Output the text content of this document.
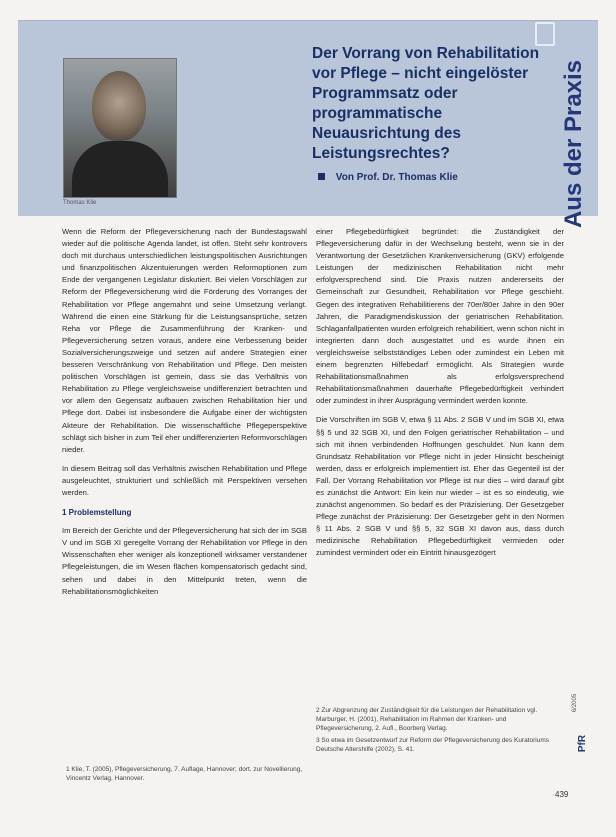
Thomas Klie
Der Vorrang von Rehabilitation vor Pflege – nicht eingelöster Programmsatz oder programmatische Neuausrichtung des Leistungsrechtes?
Von Prof. Dr. Thomas Klie	Aus der Praxis

Wenn die Reform der Pflegeversicherung nach der Bundestagswahl wieder auf die politische Agenda landet, ist offen. Steht sehr kontrovers doch mit durchaus unterschiedlichen leistungspolitischen Ausrichtungen und finanzpolitischen Akzentuierungen werden Reformoptionen zum Ende der vergangenen Legislatur diskutiert. Bei vielen Vorschlägen zur Reform der Pflegeversicherung wird die Förderung des Vorranges der Rehabilitation vor Pflege angemahnt und seine Umsetzung verlangt. Während die einen eine Stärkung für die Leistungsansprüche, setzen Reha vor Pflege die Zusammenführung der Kranken- und Pflegeversicherung setzen voraus, andere eine Verbesserung beider Sozialversicherungszweige und setzen auf andere Strategien einer besseren Verschränkung von Rehabilitation und Pflege. Den meisten politischen Vorschlägen ist gemein, dass sie das Verhältnis von Rehabilitation zu Pflege vergleichsweise undifferenziert betrachten und vor allem den Gegensatz aufbauen zwischen Rehabilitation hier und Pflege dort. Dabei ist insbesondere die Aufgabe einer der wichtigsten Akteure der Rehabilitation. Die wissenschaftliche Pflegeperspektive schlägt sich bisher in zum Teil eher undifferenzierten Reformvorschlägen nieder.

In diesem Beitrag soll das Verhältnis zwischen Rehabilitation und Pflege ausgeleuchtet, strukturiert und schließlich mit Perspektiven versehen werden.

1 Problemstellung

Im Bereich der Gerichte und der Pflegeversicherung hat sich der im SGB V und im SGB XI geregelte Vorrang der Rehabilitation vor Pflege in den Wissenschaften eher weniger als konzeptionell wirksamer verstandener Pflegeleistungen, die im Wesen flächen kompensatorisch gedacht sind, sehen und dabei in den Mittelpunkt treten, wenn die Rehabilitationsmöglichkeiten

einer Pflegebedürftigkeit begründet: die Zuständigkeit der Pflegeversicherung dafür in der Wechselung besteht, wenn sie in der Verantwortung der Gesetzlichen Krankenversicherung (GKV) erfolgende Leistungen der medizinischen Rehabilitation nicht mehr erfolgversprechend sind. Die Praxis nutzen andererseits der Gemeinschaft zur Gesundheit, Rehabilitation vor Pflege geschieht. Gegen des integrativen Rehabilitierens der 70er/80er Jahre in den 90er Jahren, die Paradigmendiskussion der geriatrischen Rehabilitation. Schlaganfallpatienten wurden erfolgreich rehabilitiert, wenn schon nicht in integrierten dann doch ausgestattet und es wurde ihnen ein vergleichsweise selbstständiges Leben oder zumindest ein Leben mit einem begrenzten Hilfebedarf ermöglicht. Als Strategien wurde Rehabilitationsmaßnahmen als erfolgsversprechend Rehabilitationsmaßnahmen dauerhafte Pflegebedürftigkeit verhindert oder zumindest in ihrer Ausprägung vermindert werden konnte.

Die Vorschriften im SGB V, etwa § 11 Abs. 2 SGB V und im SGB XI, etwa §§ 5 und 32 SGB XI, und den Folgen geriatrischer Rehabilitation – und sich mit ihnen verbindenden Hoffnungen geschuldet. Nun kann dem Grundsatz Rehabilitation vor Pflege nicht in jeder Hinsicht bescheinigt werden, dass er erfolgreich implementiert ist. Eher das Gegenteil ist der Fall. Der Vorrang Rehabilitation vor Pflege ist nur dies – wird darauf gibt es zunächst die Antwort: Ein kein nur wieder – ist es so eindeutig, wie zunächst angenommen. So bedarf es der Präzisierung. Der Gesetzgeber Pflege zunächst der Präzisierung: Der Gesetzgeber geht in den Normen § 11 Abs. 2 SGB V und §§ 5, 32 SGB XI davon aus, dass durch medizinische Rehabilitation Pflegebedürftigkeit vermieden oder zumindest vermindert oder ein Eintritt hinausgezögert

2 Zur Abgrenzung der Zuständigkeit für die Leistungen der Rehabilitation vgl. Marburger, H. (2001), Rehabilitation im Rahmen der Kranken- und Pflegeversicherung, 2. Aufl., Boorberg Verlag.

3 So etwa im Gesetzentwurf zur Reform der Pflegeversicherung des Kuratoriums Deutsche Altershilfe (2002), S. 41.

1 Klie, T. (2005), Pflegeversicherung, 7. Auflage, Hannover; dort. zur Novellierung, Vincentz Verlag, Hannover.

6/2005
PfR
439
